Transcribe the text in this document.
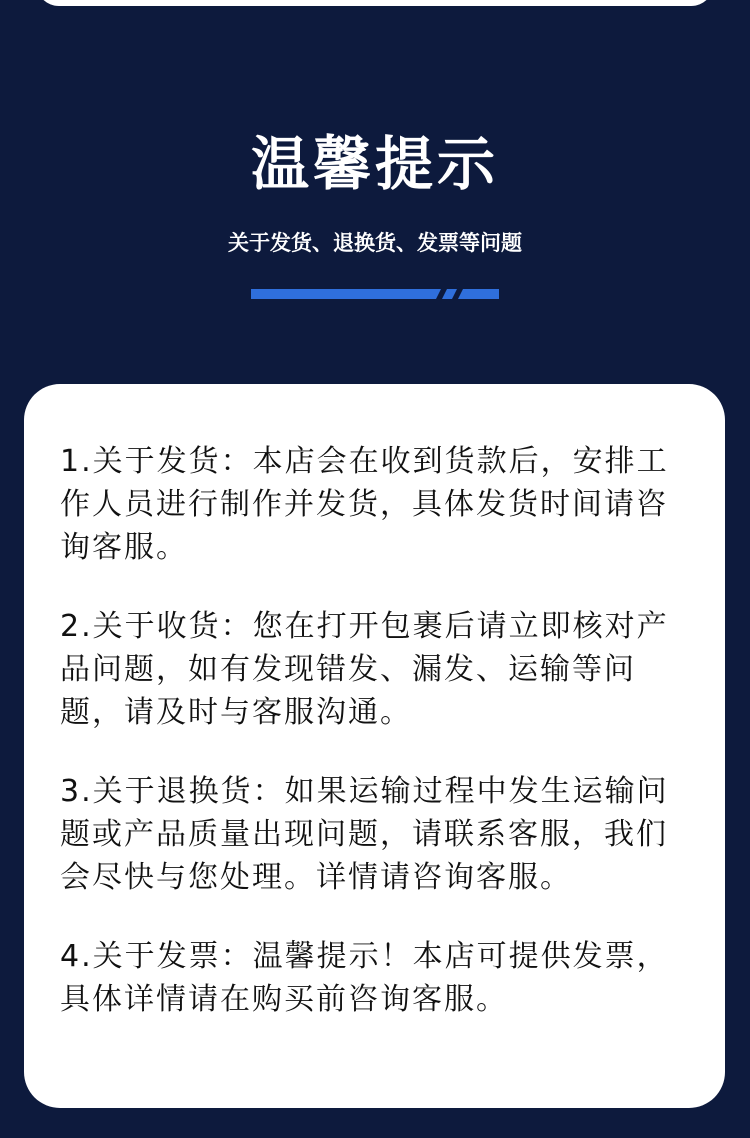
温馨提示
关于发货、退换货、发票等问题

1.关于发货：本店会在收到货款后，安排工作人员进行制作并发货，具体发货时间请咨询客服。

2.关于收货：您在打开包裹后请立即核对产品问题，如有发现错发、漏发、运输等问题，请及时与客服沟通。

3.关于退换货：如果运输过程中发生运输问题或产品质量出现问题，请联系客服，我们会尽快与您处理。详情请咨询客服。

4.关于发票：温馨提示！本店可提供发票，具体详情请在购买前咨询客服。
